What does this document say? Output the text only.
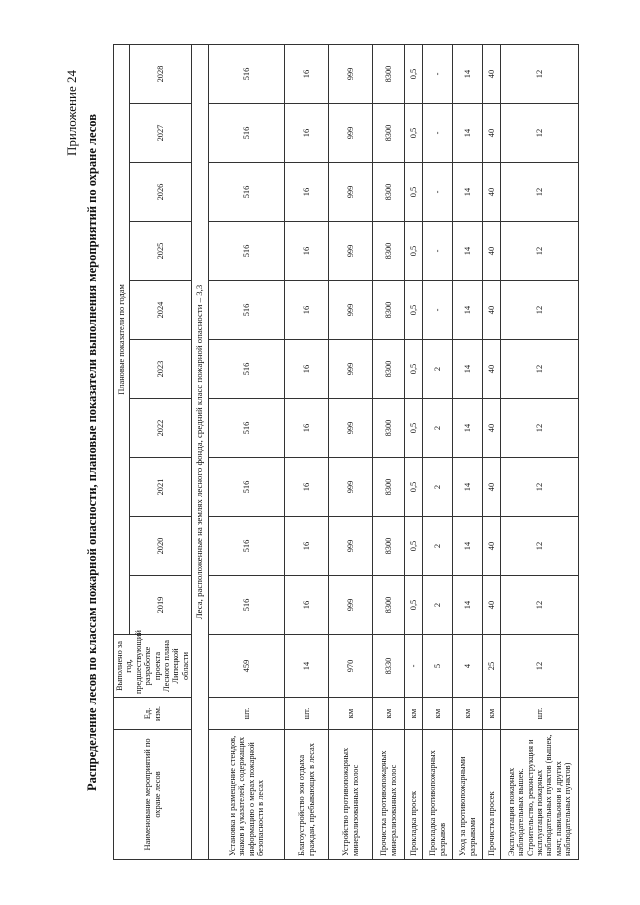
Приложение 24
Распределение лесов по классам пожарной опасности, плановые показатели выполнения мероприятий по охране лесов
Наименование мероприятий по охране лесов	Ед. изм.	Выполнено за год, предшествующий разработке проекта Лесного плана Липецкой области	Плановые показатели по годам									
			2019	2020	2021	2022	2023	2024	2025	2026	2027	2028
Леса, расположенные на землях лесного фонда, средний класс пожарной опасности – 3,3												
Установка и размещение стендов, знаков и указателей, содержащих информацию о мерах пожарной безопасности в лесах	шт.	459	516	516	516	516	516	516	516	516	516	516
Благоустройство зон отдыха граждан, пребывающих в лесах	шт.	14	16	16	16	16	16	16	16	16	16	16
Устройство противопожарных минерализованных полос	км	970	999	999	999	999	999	999	999	999	999	999
Прочистка противопожарных минерализованных полос	км	8330	8300	8300	8300	8300	8300	8300	8300	8300	8300	8300
Прокладка просек	км	-	0,5	0,5	0,5	0,5	0,5	0,5	0,5	0,5	0,5	0,5
Прокладка противопожарных разрывов	км	5	2	2	2	2	2	-	-	-	-	-
Уход за противопожарными разрывами	км	4	14	14	14	14	14	14	14	14	14	14
Прочистка просек	км	25	40	40	40	40	40	40	40	40	40	40
Эксплуатация пожарных наблюдательных вышек. Строительство, реконструкция и эксплуатация пожарных наблюдательных пунктов (вышек, мачт, павильонов и других наблюдательных пунктов)	шт.	12	12	12	12	12	12	12	12	12	12	12
